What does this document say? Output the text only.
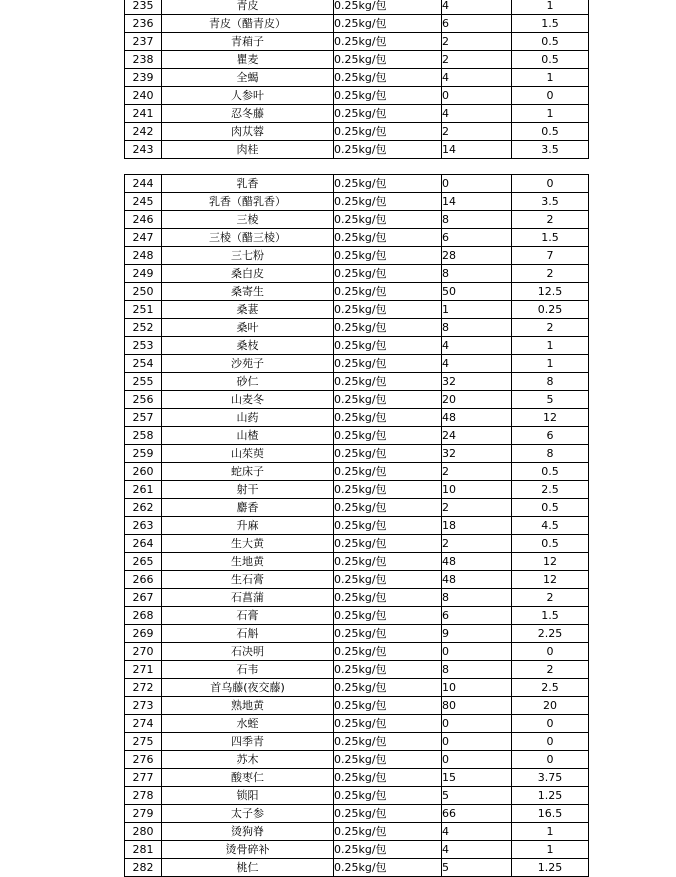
235	青皮	0.25kg/包	4	1
236	青皮（醋青皮）	0.25kg/包	6	1.5
237	青葙子	0.25kg/包	2	0.5
238	瞿麦	0.25kg/包	2	0.5
239	全蝎	0.25kg/包	4	1
240	人参叶	0.25kg/包	0	0
241	忍冬藤	0.25kg/包	4	1
242	肉苁蓉	0.25kg/包	2	0.5
243	肉桂	0.25kg/包	14	3.5
244	乳香	0.25kg/包	0	0
245	乳香（醋乳香）	0.25kg/包	14	3.5
246	三棱	0.25kg/包	8	2
247	三棱（醋三棱）	0.25kg/包	6	1.5
248	三七粉	0.25kg/包	28	7
249	桑白皮	0.25kg/包	8	2
250	桑寄生	0.25kg/包	50	12.5
251	桑葚	0.25kg/包	1	0.25
252	桑叶	0.25kg/包	8	2
253	桑枝	0.25kg/包	4	1
254	沙苑子	0.25kg/包	4	1
255	砂仁	0.25kg/包	32	8
256	山麦冬	0.25kg/包	20	5
257	山药	0.25kg/包	48	12
258	山楂	0.25kg/包	24	6
259	山茱萸	0.25kg/包	32	8
260	蛇床子	0.25kg/包	2	0.5
261	射干	0.25kg/包	10	2.5
262	麝香	0.25kg/包	2	0.5
263	升麻	0.25kg/包	18	4.5
264	生大黄	0.25kg/包	2	0.5
265	生地黄	0.25kg/包	48	12
266	生石膏	0.25kg/包	48	12
267	石菖蒲	0.25kg/包	8	2
268	石膏	0.25kg/包	6	1.5
269	石斛	0.25kg/包	9	2.25
270	石决明	0.25kg/包	0	0
271	石韦	0.25kg/包	8	2
272	首乌藤(夜交藤)	0.25kg/包	10	2.5
273	熟地黄	0.25kg/包	80	20
274	水蛭	0.25kg/包	0	0
275	四季青	0.25kg/包	0	0
276	苏木	0.25kg/包	0	0
277	酸枣仁	0.25kg/包	15	3.75
278	锁阳	0.25kg/包	5	1.25
279	太子参	0.25kg/包	66	16.5
280	烫狗脊	0.25kg/包	4	1
281	烫骨碎补	0.25kg/包	4	1
282	桃仁	0.25kg/包	5	1.25
